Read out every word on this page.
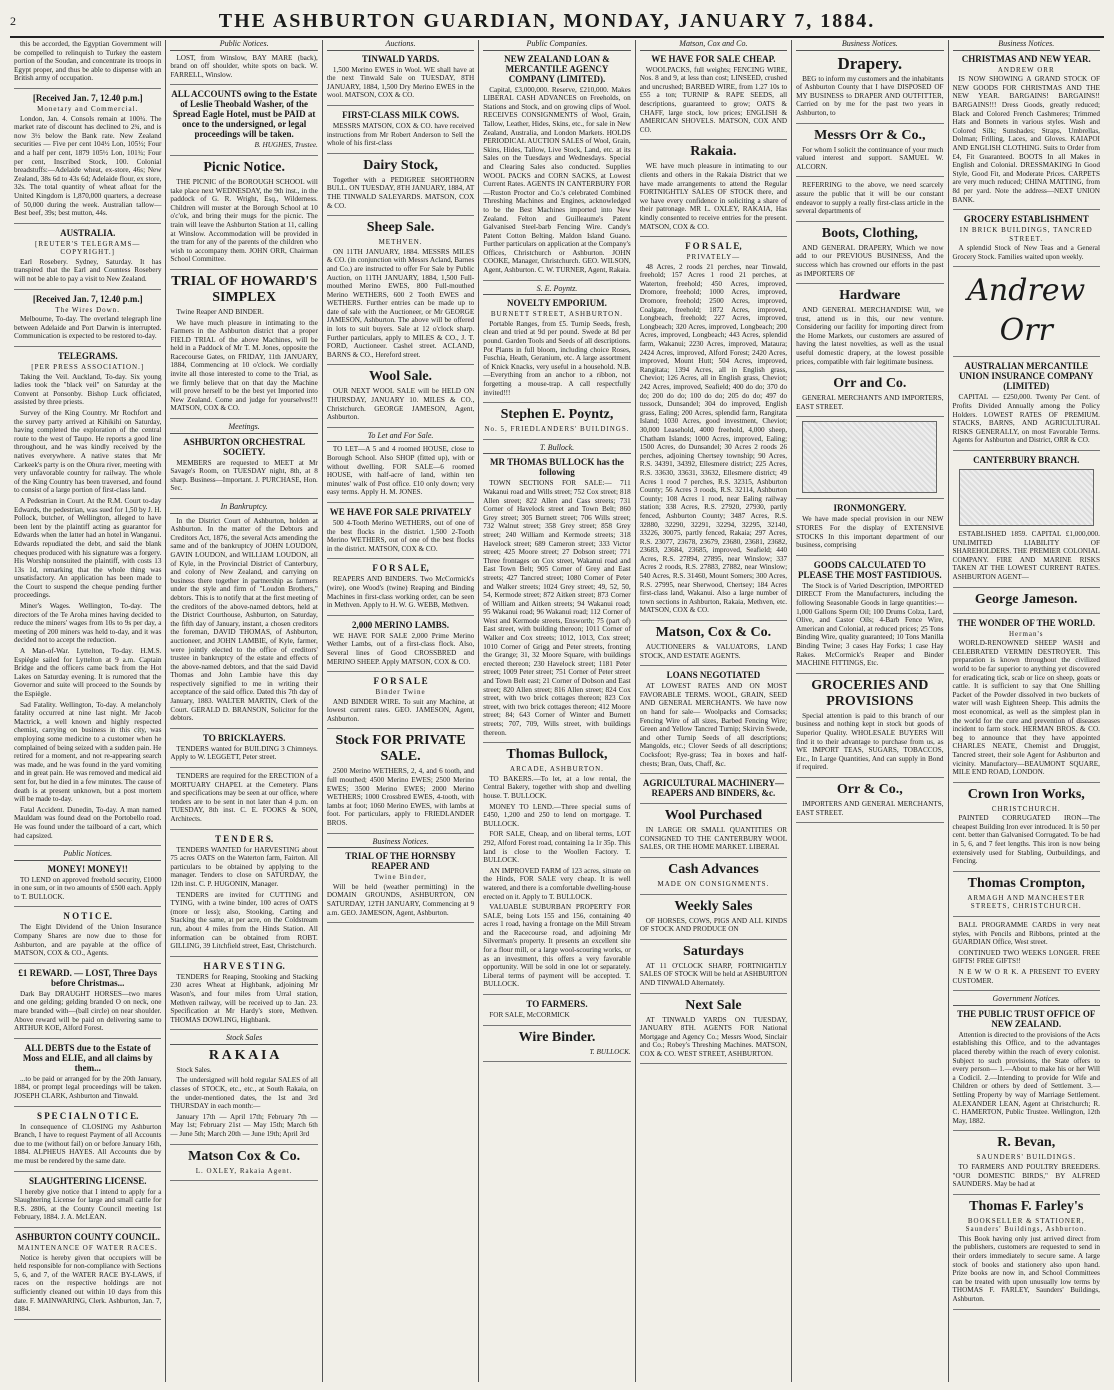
2	THE ASHBURTON GUARDIAN, MONDAY, JANUARY 7, 1884.

this be accorded, the Egyptian Government will be compelled to relinquish to Turkey the eastern portion of the Soudan, and concentrate its troops in Egypt proper, and thus be able to dispense with an British army of occupation.

[Received Jan. 7, 12.40 p.m.]
Monetary and Commercial.

London, Jan. 4. Consols remain at 100¾. The market rate of discount has declined to 2¾, and is now 3½ below the Bank rate. New Zealand securities — Five per cent 104½ Lon, 105½; Four and a half per cent, 1879 105½ Lon, 101¾; Four per cent, Inscribed Stock, 100. Colonial breadstuffs:—Adelaide wheat, ex-store, 46s; New Zealand, 38s 6d to 43s 6d; Adelaide flour, ex store, 32s. The total quantity of wheat afloat for the United Kingdom is 1,870,000 quarters, a decrease of 50,000 during the week. Australian tallow—Best beef, 39s; best mutton, 44s.

AUSTRALIA.
[REUTER'S TELEGRAMS—COPYRIGHT.]

Earl Rosebery. Sydney, Saturday. It has transpired that the Earl and Countess Rosebery will not be able to pay a visit to New Zealand.

[Received Jan. 7, 12.40 p.m.]
The Wires Down.

Melbourne, To-day. The overland telegraph line between Adelaide and Port Darwin is interrupted. Communication is expected to be restored to-day.

TELEGRAMS.
[PER PRESS ASSOCIATION.]

Taking the Veil. Auckland, To-day. Six young ladies took the "black veil" on Saturday at the Convent at Ponsonby. Bishop Luck officiated, assisted by three priests.

Survey of the King Country. Mr Rochfort and the survey party arrived at Kihikihi on Saturday, having completed the exploration of the central route to the west of Taupo. He reports a good line throughout, and he was kindly received by the natives everywhere. A native states that Mr Carkeek's party is on the Ohura river, meeting with very unfavorable country for railway. The whole of the King Country has been traversed, and found to consist of a large portion of first-class land.

A Pedestrian in Court. At the R.M. Court to-day Edwards, the pedestrian, was sued for 1,50 by J. H. Pollock, butcher, of Wellington, alleged to have been lent by the plaintiff acting as guarantor for Edwards when the latter had an hotel in Wanganui. Edwards repudiated the debt, and said the blank cheques produced with his signature was a forgery. His Worship nonsuited the plaintiff, with costs 13 13s 1d, remarking that the whole thing was unsatisfactory. An application has been made to the Court to suspend the cheque pending further proceedings.

Miner's Wages. Wellington, To-day. The directors of the Te Aroha mines having decided to reduce the miners' wages from 10s to 9s per day, a meeting of 200 miners was held to-day, and it was decided not to accept the reduction.

A Man-of-War. Lyttelton, To-day. H.M.S. Espiègle sailed for Lyttelton at 9 a.m. Captain Bridge and the officers came back from the Hot Lakes on Saturday evening. It is rumored that the Governor and suite will proceed to the Sounds by the Espiègle.

Sad Fatality. Wellington, To-day. A melancholy fatality occurred at nine last night. Mr Jacob Mactrick, a well known and highly respected chemist, carrying on business in this city, was employing some medicine to a customer when he complained of being seized with a sudden pain. He retired for a moment, and not re-appearing search was made, and he was found in the yard vomiting and in great pain. He was removed and medical aid sent for, but he died in a few minutes. The cause of death is at present unknown, but a post mortem will be made to-day.

Fatal Accident. Dunedin, To-day. A man named Mauldam was found dead on the Portobello road. He was found under the tailboard of a cart, which had capsized.

Public Notices.
MONEY! MONEY!!

TO LEND on approved freehold security, £1000 in one sum, or in two amounts of £500 each. Apply to T. BULLOCK.

N O T I C E.

The Eight Dividend of the Union Insurance Company Shares are now due to those for Ashburton, and are payable at the office of MATSON, COX & CO., Agents.

£1 REWARD. — LOST, Three Days before Christmas...

Dark Bay DRAUGHT HORSES—two mares and one gelding; gelding branded O on neck, one mare branded with—(ball circle) on near shoulder. Above reward will be paid on delivering same to ARTHUR KOE, Alford Forest.

ALL DEBTS due to the Estate of Moss and ELIE, and all claims by them...

...to be paid or arranged for by the 20th January, 1884, or prompt legal proceedings will be taken. JOSEPH CLARK, Ashburton and Tinwald.

S P E C I A L N O T I C E.

In consequence of CLOSING my Ashburton Branch, I have to request Payment of all Accounts due to me (without fail) on or before January 16th, 1884. ALPHEUS HAYES. All Accounts due by me must be rendered by the same date.

SLAUGHTERING LICENSE.

I hereby give notice that I intend to apply for a Slaughtering License for large and small cattle for R.S. 2806, at the County Council meeting 1st February, 1884. J. A. McLEAN.

ASHBURTON COUNTY COUNCIL.
MAINTENANCE OF WATER RACES.

Notice is hereby given that occupiers will be held responsible for non-compliance with Sections 5, 6, and 7, of the WATER RACE BY-LAWS, if races on the respective holdings are not sufficiently cleaned out within 10 days from this date. F. MAINWARING, Clerk. Ashburton, Jan. 7, 1884.

Public Notices.

LOST, from Winslow, BAY MARE (back), brand on off shoulder, white spots on back. W. FARRELL, Winslow.

ALL ACCOUNTS owing to the Estate of Leslie Theobald Washer, of the Spread Eagle Hotel, must be PAID at once to the undersigned, or legal proceedings will be taken.
B. HUGHES, Trustee.
Picnic Notice.

THE PICNIC of the BOROUGH SCHOOL will take place next WEDNESDAY, the 9th inst., in the paddock of G. R. Wright, Esq., Wilderness. Children will muster at the Borough School at 10 o'c'ok, and bring their mugs for the picnic. The train will leave the Ashburton Station at 11, calling at Winslow. Accommodation will be provided in the tram for any of the parents of the children who wish to accompany them. JOHN ORR, Chairman School Committee.

TRIAL OF HOWARD'S SIMPLEX

Twine Reaper AND BINDER.

We have much pleasure in intimating to the Farmers in the Ashburton district that a proper FIELD TRIAL of the above Machines, will be held in a Paddock of Mr T. M. Jones, opposite the Racecourse Gates, on FRIDAY, 11th JANUARY, 1884, Commencing at 10 o'clock. We cordially invite all those interested to come to the Trial, as we firmly believe that on that day the Machine will prove herself to be the best yet Imported into New Zealand. Come and judge for yourselves!!! MATSON, COX & CO.

Meetings.
ASHBURTON ORCHESTRAL SOCIETY.

MEMBERS are requested to MEET at Mr Savage's Room, on TUESDAY night, 8th, at 8 sharp. Business—Important. J. PURCHASE, Hon. Sec.

In Bankruptcy.

In the District Court of Ashburton, holden at Ashburton. In the matter of the Debtors and Creditors Act, 1876, the several Acts amending the same and of the bankruptcy of JOHN LOUDON, GAVIN LOUDON, and WILLIAM LOUDON, all of Kyle, in the Provincial District of Canterbury, and colony of New Zealand, and carrying on business there together in partnership as farmers under the style and firm of "Loudon Brothers," debtors. This is to notify that at the first meeting of the creditors of the above-named debtors, held at the District Courthouse, Ashburton, on Saturday, the fifth day of January, instant, a chosen creditors the foreman, DAVID THOMAS, of Ashburton, auctioneer, and JOHN LAMBIE, of Kyle, farmer, were jointly elected to the office of creditors' trustee in bankruptcy of the estate and effects of the above-named debtors, and that the said David Thomas and John Lambie have this day respectively signified to me in writing their acceptance of the said office. Dated this 7th day of January, 1883. WALTER MARTIN, Clerk of the Court. GERALD D. BRANSON, Solicitor for the debtors.

TO BRICKLAYERS.

TENDERS wanted for BUILDING 3 Chimneys. Apply to W. LEGGETT, Peter street.

TENDERS are required for the ERECTION of a MORTUARY CHAPEL at the Cemetery. Plans and specifications may be seen at our office, where tenders are to be sent in not later than 4 p.m. on TUESDAY, 8th inst. C. E. FOOKS & SON, Architects.

T E N D E R S.

TENDERS WANTED for HARVESTING about 75 acres OATS on the Waterton farm, Fairton. All particulars to be obtained by applying to the manager. Tenders to close on SATURDAY, the 12th inst. C. P. HUGONIN, Manager.

TENDERS are invited for CUTTING and TYING, with a twine binder, 100 acres of OATS (more or less); also, Stooking, Carting and Stacking the same, at per acre, on the Coldstream run, about 4 miles from the Hinds Station. All information can be obtained from ROBT. GILLING, 39 Litchfield street, East, Christchurch.

H A R V E S T I N G.

TENDERS for Reaping, Stooking and Stacking 230 acres Wheat at Highbank, adjoining Mr Wason's, and four miles from Urral station, Methven railway, will be received up to Jan. 23. Specification at Mr Hardy's store, Methven. THOMAS DOWLING, Highbank.

Stock Sales
R A K A I A

Stock Sales.

The undersigned will hold regular SALES of all classes of STOCK, etc., etc., at South Rakaia, on the under-mentioned dates, the 1st and 3rd THURSDAY in each month:—

January 17th — April 17th; February 7th — May 1st; February 21st — May 15th; March 6th — June 5th; March 20th — June 19th; April 3rd

Matson Cox & Co.
L. OXLEY, Rakaia Agent.
Auctions.
TINWALD YARDS.

1,500 Merino EWES in Wool. WE shall have at the next Tinwald Sale on TUESDAY, 8TH JANUARY, 1884, 1,500 Dry Merino EWES in the wool. MATSON, COX & CO.

FIRST-CLASS MILK COWS.

MESSRS MATSON, COX & CO. have received instructions from Mr Robert Anderson to Sell the whole of his first-class

Dairy Stock,

Together with a PEDIGREE SHORTHORN BULL. ON TUESDAY, 8TH JANUARY, 1884, AT THE TINWALD SALEYARDS. MATSON, COX & CO.

Sheep Sale.
METHVEN.

ON 11TH JANUARY, 1884. MESSRS MILES & CO. (in conjunction with Messrs Acland, Barnes and Co.) are instructed to offer For Sale by Public Auction, on 11TH JANUARY, 1884, 1,500 Full-mouthed Merino EWES, 800 Full-mouthed Merino WETHERS, 600 2 Tooth EWES and WETHERS. Further entries can be made up to date of sale with the Auctioneer, or Mr GEORGE JAMESON, Ashburton. The above will be offered in lots to suit buyers. Sale at 12 o'clock sharp. Further particulars, apply to MILES & CO., J. T. FORD, Auctioneer. Cashel street. ACLAND, BARNS & CO., Hereford street.

Wool Sale.

OUR NEXT WOOL SALE will be HELD ON THURSDAY, JANUARY 10. MILES & CO., Christchurch. GEORGE JAMESON, Agent, Ashburton.

To Let and For Sale.

TO LET—A 5 and 4 roomed HOUSE, close to Borough School. Also SHOP (fitted up), with or without dwelling. FOR SALE—6 roomed HOUSE, with half-acre of land, within ten minutes' walk of Post office. £10 only down; very easy terms. Apply H. M. JONES.

WE HAVE FOR SALE PRIVATELY

500 4-Tooth Merino WETHERS, out of one of the best flocks in the district. 1,500 2-Tooth Merino WETHERS, out of one of the best flocks in the district. MATSON, COX & CO.

F O R S A L E,

REAPERS AND BINDERS. Two McCormick's (wire), one Wood's (twine) Reaping and Binding Machines in first-class working order, can be seen in Methven. Apply to H. W. G. WEBB, Methven.

2,000 MERINO LAMBS.

WE HAVE FOR SALE 2,000 Prime Merino Wether Lambs, out of a first-class flock. Also, Several lines of Good CROSSBRED and MERINO SHEEP. Apply MATSON, COX & CO.

F O R S A L E
Binder Twine

AND BINDER WIRE. To suit any Machine, at lowest current rates. GEO. JAMESON, Agent, Ashburton.

Stock FOR PRIVATE SALE.

2500 Merino WETHERS, 2, 4, and 6 tooth, and full mouthed; 4500 Merino EWES; 2500 Merino EWES; 3500 Merino EWES; 2000 Merino WETHERS; 1000 Crossbred EWES, 4-tooth, with lambs at foot; 1060 Merino EWES, with lambs at foot. For particulars, apply to FRIEDLANDER BROS.

Business Notices.
TRIAL OF THE HORNSBY REAPER AND
Twine Binder,

Will be held (weather permitting) in the DOMAIN GROUNDS, ASHBURTON, ON SATURDAY, 12TH JANUARY, Commencing at 9 a.m. GEO. JAMESON, Agent, Ashburton.

Public Companies.
NEW ZEALAND LOAN & MERCANTILE AGENCY COMPANY (LIMITED).

Capital, £3,000,000. Reserve, £210,000. Makes LIBERAL CASH ADVANCES on Freeholds, on Stations and Stock, and on growing clips of Wool. RECEIVES CONSIGNMENTS of Wool, Grain, Tallow, Leather, Hides, Skins, etc., for sale in New Zealand, Australia, and London Markets. HOLDS PERIODICAL AUCTION SALES of Wool, Grain, Skins, Hides, Tallow, Live Stock, Land, etc. at its Sales on the Tuesdays and Wednesdays. Special and Clearing Sales also conducted. Supplies WOOL PACKS and CORN SACKS, at Lowest Current Rates. AGENTS IN CANTERBURY FOR—Ruston Proctor and Co.'s celebrated Combined Threshing Machines and Engines, acknowledged to be the Best Machines imported into New Zealand. Felton and Guilleaume's Patent Galvanised Steel-barb Fencing Wire. Candy's Patent Cotton Belting. Maldon Island Guano. Further particulars on application at the Company's Offices, Christchurch or Ashburton. JOHN COOKE, Manager, Christchurch. GEO. WILSON, Agent, Ashburton. C. W. TURNER, Agent, Rakaia.

S. E. Poyntz.
NOVELTY EMPORIUM.
BURNETT STREET, ASHBURTON.

Portable Ranges, from £5. Turnip Seeds, fresh, clean and tried at 9d per pound. Swede at 8d per pound. Garden Tools and Seeds of all descriptions. Pot Plants in full bloom, including choice Roses, Fuschia, Heath, Geranium, etc. A large assortment of Knick Knacks, very useful in a household. N.B.—Everything from an anchor to a ribbon, not forgetting a mouse-trap. A call respectfully invited!!!

Stephen E. Poyntz,
No. 5, FRIEDLANDERS' BUILDINGS.
T. Bullock.
MR THOMAS BULLOCK has the following

TOWN SECTIONS FOR SALE:— 711 Wakanui road and Wills street; 752 Cox street; 818 Allen street; 822 Allen and Cass streets; 731 Corner of Havelock street and Town Belt; 860 Grey street; 305 Burnett street; 706 Wills street; 732 Walnut street; 358 Grey street; 858 Grey street; 240 William and Kermode streets; 318 Havelock street; 689 Cameron street; 333 Victor street; 425 Moore street; 27 Dobson street; 771 Three frontages on Cox street, Wakanui road and East Town Belt; 905 Corner of Grey and East streets; 427 Tancred street; 1080 Corner of Peter and Walker streets; 1024 Grey street; 49, 52, 50, 54, Kermode street; 872 Aitken street; 873 Corner of William and Aitken streets; 94 Wakanui road; 95 Wakanui road; 96 Wakanui road; 112 Corner of West and Kermode streets, Ensworth; 75 (part of) East street, with building thereon; 1011 Corner of Walker and Cox streets; 1012, 1013, Cox street; 1010 Corner of Grigg and Peter streets, fronting the Grange; 31, 32 Moore Square, with buildings erected thereon; 230 Havelock street; 1181 Peter street; 1009 Peter street; 751 Corner of Peter street and Town Belt east; 21 Corner of Dobson and East street; 820 Allen street; 816 Allen street; 824 Cox street, with two brick cottages thereon; 823 Cox street, with two brick cottages thereon; 412 Moore street; 84; 643 Corner of Winter and Burnett streets; 707, 709, Wills street, with buildings thereon.

Thomas Bullock,
ARCADE, ASHBURTON.

TO BAKERS.—To let, at a low rental, the Central Bakery, together with shop and dwelling house. T. BULLOCK.

MONEY TO LEND.—Three special sums of £450, 1,200 and 250 to lend on mortgage. T. BULLOCK.

FOR SALE, Cheap, and on liberal terms, LOT 292, Alford Forest road, containing 1a 1r 35p. This land is close to the Woollen Factory. T. BULLOCK.

AN IMPROVED FARM of 123 acres, situate on the Hinds, FOR SALE very cheap. It is well watered, and there is a comfortable dwelling-house erected on it. Apply to T. BULLOCK.

VALUABLE SUBURBAN PROPERTY FOR SALE, being Lots 155 and 156, containing 40 acres 1 road, having a frontage on the Mill Stream and the Racecourse road, and adjoining Mr Silverman's property. It presents an excellent site for a flour mill, or a large wool-scouring works, or as an investment, this offers a very favorable opportunity. Will be sold in one lot or separately. Liberal terms of payment will be accepted. T. BULLOCK.

TO FARMERS.

FOR SALE, McCORMICK

Wire Binder.
T. BULLOCK.
Matson, Cox and Co.
WE HAVE FOR SALE CHEAP.

WOOLPACKS, full weights; FENCING WIRE, Nos. 8 and 9, at less than cost; LINSEED, crushed and uncrushed; BARBED WIRE, from 1.27 10s to £55 a ton; TURNIP & RAPE SEEDS, all descriptions, guaranteed to grow; OATS & CHAFF, large stock, low prices; ENGLISH & AMERICAN SHOVELS. MATSON, COX AND CO.

Rakaia.

WE have much pleasure in intimating to our clients and others in the Rakaia District that we have made arrangements to attend the Regular FORTNIGHTLY SALES OF STOCK there, and we have every confidence in soliciting a share of their patronage. MR L. OXLEY, RAKAIA, Has kindly consented to receive entries for the present. MATSON, COX & CO.

F O R S A L E,
PRIVATELY—

48 Acres, 2 roods 21 perches, near Tinwald, freehold; 157 Acres 1 rood 21 perches, at Waterton, freehold; 450 Acres, improved, Dromore, freehold; 1000 Acres, improved, Dromore, freehold; 2500 Acres, improved, Coalgate, freehold; 1872 Acres, improved, Longbeach, freehold; 227 Acres, improved, Longbeach; 320 Acres, improved, Longbeach; 200 Acres, improved, Longbeach; 443 Acres, splendid farm, Wakanui; 2230 Acres, improved, Mataura; 2424 Acres, improved, Alford Forest; 2420 Acres, improved, Mount Hutt; 504 Acres, improved, Rangitata; 1394 Acres, all in English grass, Cheviot; 126 Acres, all in English grass, Cheviot; 242 Acres, improved, Seafield; 400 do do; 370 do do; 200 do do; 100 do do; 205 do do; 497 do tussock, Dunsandel; 304 do improved, English grass, Ealing; 200 Acres, splendid farm, Rangitata Island; 1030 Acres, good investment, Cheviot; 30,000 Leasehold, 4000 freehold, 4,000 sheep, Chatham Islands; 1000 Acres, improved, Ealing; 1500 Acres, do Dunsandel; 30 Acres 2 roods 26 perches, adjoining Chertsey township; 90 Acres, R.S. 34391, 34392, Ellesmere district; 225 Acres, R.S. 33630, 33631, 33632, Ellesmere district; 49 Acres 1 rood 7 perches, R.S. 32315, Ashburton County; 56 Acres 3 roods, R.S. 32114, Ashburton County; 108 Acres 1 rood, near Ealing railway station; 338 Acres, R.S. 27920, 27930, partly fenced, Ashburton County; 3487 Acres, R.S. 32880, 32290, 32291, 32294, 32295, 32140, 33226, 30075, partly fenced, Rakaia; 297 Acres, R.S. 23077, 23678, 23679, 23680, 23681, 23682, 23683, 23684, 23685, improved, Seafield; 440 Acres, R.S. 27894, 27895, near Winslow; 337 Acres 2 roods, R.S. 27883, 27882, near Winslow; 540 Acres, R.S. 31460, Mount Somers; 300 Acres, R.S. 27995, near Sherwood, Chertsey; 184 Acres first-class land, Wakanui. Also a large number of town sections in Ashburton, Rakaia, Methven, etc. MATSON, COX & CO.

Matson, Cox & Co.

AUCTIONEERS & VALUATORS, LAND STOCK, AND ESTATE AGENTS.

LOANS NEGOTIATED

AT LOWEST RATES AND ON MOST FAVORABLE TERMS. WOOL, GRAIN, SEED AND GENERAL MERCHANTS. We have now on hand for sale— Woolpacks and Cornsacks; Fencing Wire of all sizes, Barbed Fencing Wire; Green and Yellow Tancred Turnip; Skirvin Swede, and other Turnip Seeds of all descriptions; Mangolds, etc.; Clover Seeds of all descriptions; Cocksfoot; Rye-grass; Tea in boxes and half-chests; Bran, Oats, Chaff, &c.

AGRICULTURAL MACHINERY— REAPERS AND BINDERS, &c.
Wool Purchased

IN LARGE OR SMALL QUANTITIES OR CONSIGNED TO THE CANTERBURY WOOL SALES, OR THE HOME MARKET. LIBERAL

Cash Advances
MADE ON CONSIGNMENTS.
Weekly Sales

OF HORSES, COWS, PIGS AND ALL KINDS OF STOCK AND PRODUCE ON

Saturdays

AT 11 O'CLOCK SHARP, FORTNIGHTLY SALES OF STOCK Will be held at ASHBURTON AND TINWALD Alternately.

Next Sale

AT TINWALD YARDS ON TUESDAY, JANUARY 8TH. AGENTS FOR National Mortgage and Agency Co.; Messrs Wood, Sinclair and Co.; Robey's Threshing Machines. MATSON, COX & CO. WEST STREET, ASHBURTON.

Business Notices.
Drapery.

BEG to inform my customers and the inhabitants of Ashburton County that I have DISPOSED OF MY BUSINESS to DRAPER AND OUTFITTER, Carried on by me for the past two years in Ashburton, to

Messrs Orr & Co.,

For whom I solicit the continuance of your much valued interest and support. SAMUEL W. ALCORN.

REFERRING to the above, we need scarcely assure the public that it will be our constant endeavor to supply a really first-class article in the several departments of

Boots, Clothing,

AND GENERAL DRAPERY, Which we now add to our PREVIOUS BUSINESS, And the success which has crowned our efforts in the past as IMPORTERS OF

Hardware

AND GENERAL MERCHANDISE Will, we trust, attend us in this, our new venture. Considering our facility for importing direct from the Home Markets, our customers are assured of having the latest novelties, as well as the usual useful domestic drapery, at the lowest possible prices, compatible with fair legitimate business.

Orr and Co.

GENERAL MERCHANTS AND IMPORTERS, EAST STREET.

IRONMONGERY.

We have made special provision in our NEW STORES For the display of EXTENSIVE STOCKS In this important department of our business, comprising

GOODS CALCULATED TO PLEASE THE MOST FASTIDIOUS.

The Stock is of Varied Description, IMPORTED DIRECT From the Manufacturers, including the following Seasonable Goods in large quantities:— 1,000 Gallons Sperm Oil; 100 Drums Colza, Lard, Olive, and Castor Oils; 4-Barb Fence Wire, American and Colonial, at reduced prices; 25 Tons Binding Wire, quality guaranteed; 10 Tons Manilla Binding Twine; 3 cases Hay Forks; 1 case Hay Rakes. McCormick's Reaper and Binder MACHINE FITTINGS, Etc.

GROCERIES AND PROVISIONS

Special attention is paid to this branch of our business and nothing kept in stock but goods of Superior Quality. WHOLESALE BUYERS Will find it to their advantage to purchase from us, as WE IMPORT TEAS, SUGARS, TOBACCOS, Etc., In Large Quantities, And can supply in Bond if required.

Orr & Co.,

IMPORTERS AND GENERAL MERCHANTS, EAST STREET.

Business Notices.
CHRISTMAS AND NEW YEAR.
ANDREW ORR

IS NOW SHOWING A GRAND STOCK OF NEW GOODS FOR CHRISTMAS AND THE NEW YEAR. BARGAINS! BARGAINS!! BARGAINS!!! Dress Goods, greatly reduced; Black and Colored French Cashmeres; Trimmed Hats and Bonnets in various styles. Wash and Colored Silk; Sunshades; Straps, Umbrellas, Dolman; Frilling, Laces, and Gloves. KAIAPOI AND ENGLISH CLOTHING. Suits to Order from £4, Fit Guaranteed. BOOTS In all Makes in English and Colonial. DRESSMAKING In Good Style, Good Fit, and Moderate Prices. CARPETS are very much reduced; CHINA MATTING, from 8d per yard. Note the address—NEXT UNION BANK.

GROCERY ESTABLISHMENT
IN BRICK BUILDINGS, TANCRED STREET.

A splendid Stock of New Teas and a General Grocery Stock. Families waited upon weekly.

Andrew Orr
AUSTRALIAN MERCANTILE UNION INSURANCE COMPANY (LIMITED)

CAPITAL — £250,000. Twenty Per Cent. of Profits Divided Annually among the Policy Holders. LOWEST RATES OF PREMIUM. STACKS, BARNS, AND AGRICULTURAL RISKS GENERALLY, on most Favorable Terms. Agents for Ashburton and District, ORR & CO.

CANTERBURY BRANCH.

ESTABLISHED 1859. CAPITAL £1,000,000. UNLIMITED LIABILITY OF SHAREHOLDERS. THE PREMIER COLONIAL COMPANY. FIRE AND MARINE RISKS TAKEN AT THE LOWEST CURRENT RATES. ASHBURTON AGENT—

George Jameson.
THE WONDER OF THE WORLD.
Herman's

WORLD-RENOWNED SHEEP WASH and CELEBRATED VERMIN DESTROYER. This preparation is known throughout the civilized world to be far superior to anything yet discovered for eradicating tick, scab or lice on sheep, goats or cattle. It is sufficient to say that One Shilling Packet of the Powder dissolved in two buckets of water will wash Eighteen Sheep. This admits the most economical, as well as the simplest plan in the world for the cure and prevention of diseases incident to farm stock. HERMAN BROS. & CO. beg to announce that they have appointed CHARLES NEATE, Chemist and Druggist, Tancred street, their sole Agent for Ashburton and vicinity. Manufactory—BEAUMONT SQUARE, MILE END ROAD, LONDON.

Crown Iron Works,
CHRISTCHURCH.

PAINTED CORRUGATED IRON—The cheapest Building Iron ever introduced. It is 50 per cent. better than Galvanised Corrugated. To be had in 5, 6, and 7 feet lengths. This iron is now being extensively used for Stabling, Outbuildings, and Fencing.

Thomas Crompton,
ARMAGH AND MANCHESTER STREETS, CHRISTCHURCH.

BALL PROGRAMME CARDS in very neat styles, with Pencils and Ribbons, printed at the GUARDIAN Office, West street.

CONTINUED TWO WEEKS LONGER. FREE GIFTS! FREE GIFTS!!

N E W W O R K. A PRESENT TO EVERY CUSTOMER.

Government Notices.
THE PUBLIC TRUST OFFICE OF NEW ZEALAND.

Attention is directed to the provisions of the Acts establishing this Office, and to the advantages placed thereby within the reach of every colonist. Subject to such provisions, the State offers to every person— 1.—About to make his or her Will a Codicil. 2.—Intending to provide for Wife and Children or others by deed of Settlement. 3.—Settling Property by way of Marriage Settlement. ALEXANDER LEAN, Agent at Christchurch; R. C. HAMERTON, Public Trustee. Wellington, 12th May, 1882.

R. Bevan,
SAUNDERS' BUILDINGS.

TO FARMERS AND POULTRY BREEDERS. "OUR DOMESTIC BIRDS," BY ALFRED SAUNDERS. May be had at

Thomas F. Farley's
BOOKSELLER & STATIONER, Saunders' Buildings, Ashburton.

This Book having only just arrived direct from the publishers, customers are requested to send in their orders immediately to secure same. A large stock of books and stationery also upon hand. Prize books are now in, and School Committees can be treated with upon unusually low terms by THOMAS F. FARLEY, Saunders' Buildings, Ashburton.
